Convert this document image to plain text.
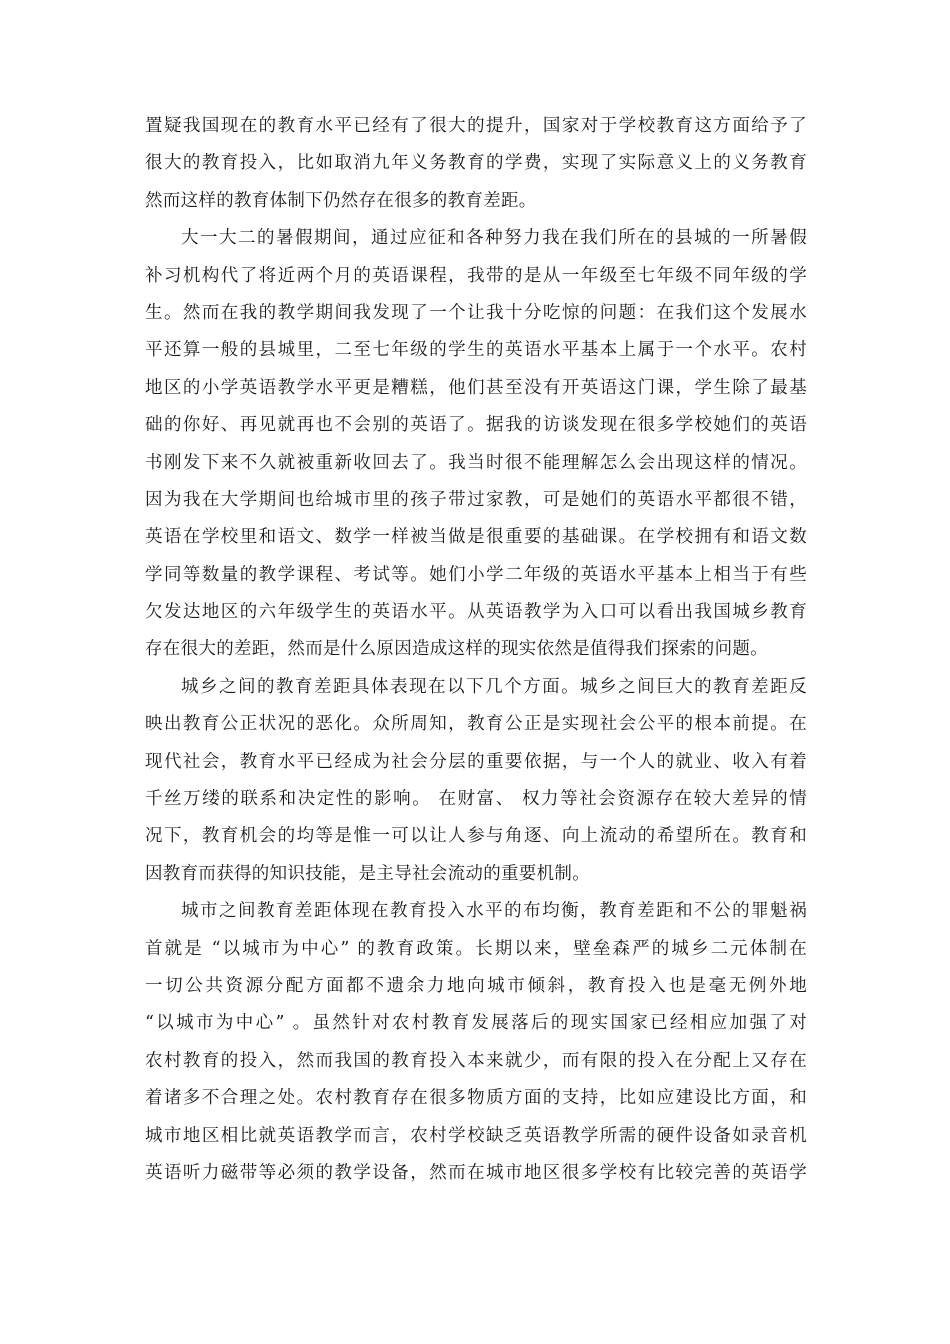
置疑我国现在的教育水平已经有了很大的提升，国家对于学校教育这方面给予了
很大的教育投入，比如取消九年义务教育的学费，实现了实际意义上的义务教育
然而这样的教育体制下仍然存在很多的教育差距。
大一大二的暑假期间，通过应征和各种努力我在我们所在的县城的一所暑假
补习机构代了将近两个月的英语课程，我带的是从一年级至七年级不同年级的学
生。然而在我的教学期间我发现了一个让我十分吃惊的问题：在我们这个发展水
平还算一般的县城里，二至七年级的学生的英语水平基本上属于一个水平。农村
地区的小学英语教学水平更是糟糕，他们甚至没有开英语这门课，学生除了最基
础的你好、再见就再也不会别的英语了。据我的访谈发现在很多学校她们的英语
书刚发下来不久就被重新收回去了。我当时很不能理解怎么会出现这样的情况。
因为我在大学期间也给城市里的孩子带过家教，可是她们的英语水平都很不错，
英语在学校里和语文、数学一样被当做是很重要的基础课。在学校拥有和语文数
学同等数量的教学课程、考试等。她们小学二年级的英语水平基本上相当于有些
欠发达地区的六年级学生的英语水平。从英语教学为入口可以看出我国城乡教育
存在很大的差距，然而是什么原因造成这样的现实依然是值得我们探索的问题。
城乡之间的教育差距具体表现在以下几个方面。城乡之间巨大的教育差距反
映出教育公正状况的恶化。众所周知，教育公正是实现社会公平的根本前提。在
现代社会，教育水平已经成为社会分层的重要依据，与一个人的就业、收入有着
千丝万缕的联系和决定性的影响。 在财富、 权力等社会资源存在较大差异的情
况下，教育机会的均等是惟一可以让人参与角逐、向上流动的希望所在。教育和
因教育而获得的知识技能，是主导社会流动的重要机制。
城市之间教育差距体现在教育投入水平的布均衡，教育差距和不公的罪魁祸
首就是 “以城市为中心” 的教育政策。长期以来，壁垒森严的城乡二元体制在
一切公共资源分配方面都不遗余力地向城市倾斜，教育投入也是毫无例外地
“以城市为中心” 。虽然针对农村教育发展落后的现实国家已经相应加强了对
农村教育的投入，然而我国的教育投入本来就少，而有限的投入在分配上又存在
着诸多不合理之处。农村教育存在很多物质方面的支持，比如应建设比方面，和
城市地区相比就英语教学而言，农村学校缺乏英语教学所需的硬件设备如录音机
英语听力磁带等必须的教学设备，然而在城市地区很多学校有比较完善的英语学
